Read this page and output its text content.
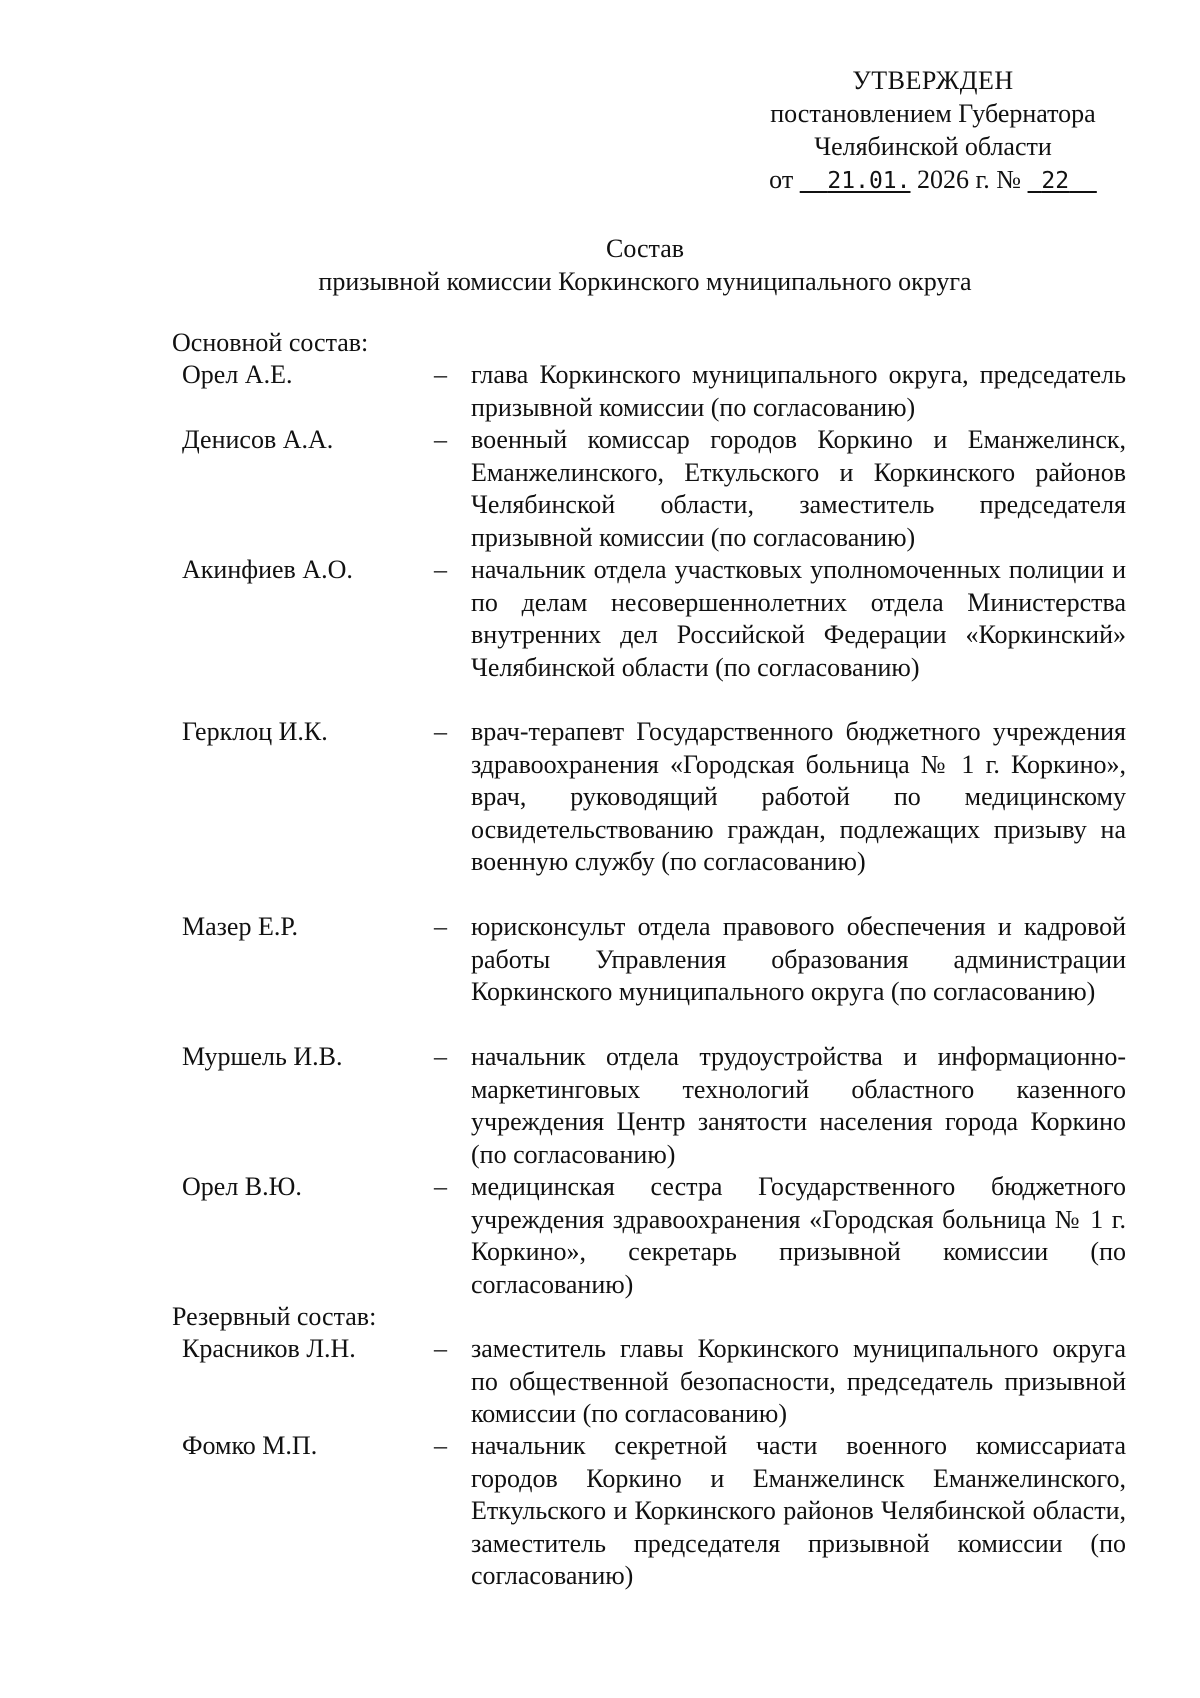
УТВЕРЖДЕН
постановлением Губернатора
Челябинской области
от 21.01. 2026 г. № 22
Состав
призывной комиссии Коркинского муниципального округа
Основной состав:
Орел А.Е.	– глава Коркинского муниципального округа, председатель призывной комиссии (по согласованию)
Денисов А.А.	– военный комиссар городов Коркино и Еманжелинск, Еманжелинского, Еткульского и Коркинского районов Челябинской области, заместитель председателя призывной комиссии (по согласованию)
Акинфиев А.О.	– начальник отдела участковых уполномоченных полиции и по делам несовершеннолетних отдела Министерства внутренних дел Российской Федерации «Коркинский» Челябинской области (по согласованию)
Герклоц И.К.	– врач-терапевт Государственного бюджетного учреждения здравоохранения «Городская больница № 1 г. Коркино», врач, руководящий работой по медицинскому освидетельствованию граждан, подлежащих призыву на военную службу (по согласованию)
Мазер Е.Р.	– юрисконсульт отдела правового обеспечения и кадровой работы Управления образования администрации Коркинского муниципального округа (по согласованию)
Муршель И.В.	– начальник отдела трудоустройства и информационно-маркетинговых технологий областного казенного учреждения Центр занятости населения города Коркино (по согласованию)
Орел В.Ю.	– медицинская сестра Государственного бюджетного учреждения здравоохранения «Городская больница № 1 г. Коркино», секретарь призывной комиссии (по согласованию)
Резервный состав:
Красников Л.Н.	– заместитель главы Коркинского муниципального округа по общественной безопасности, председатель призывной комиссии (по согласованию)
Фомко М.П.	– начальник секретной части военного комиссариата городов Коркино и Еманжелинск Еманжелинского, Еткульского и Коркинского районов Челябинской области, заместитель председателя призывной комиссии (по согласованию)
